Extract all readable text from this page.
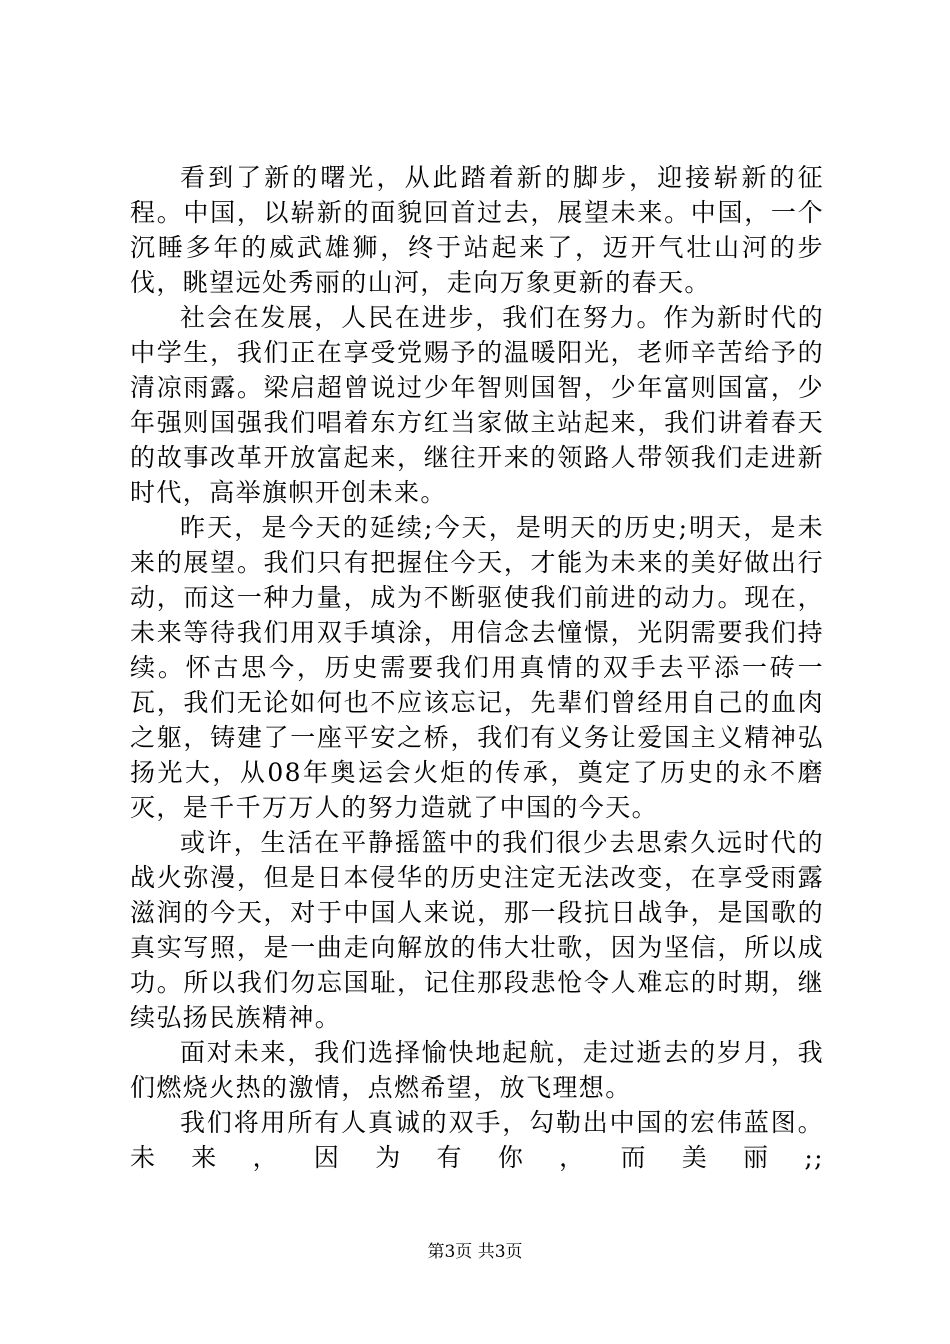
看到了新的曙光，从此踏着新的脚步，迎接崭新的征程。中国，以崭新的面貌回首过去，展望未来。中国，一个沉睡多年的威武雄狮，终于站起来了，迈开气壮山河的步伐，眺望远处秀丽的山河，走向万象更新的春天。

社会在发展，人民在进步，我们在努力。作为新时代的中学生，我们正在享受党赐予的温暖阳光，老师辛苦给予的清凉雨露。梁启超曾说过少年智则国智，少年富则国富，少年强则国强我们唱着东方红当家做主站起来，我们讲着春天的故事改革开放富起来，继往开来的领路人带领我们走进新时代，高举旗帜开创未来。

昨天，是今天的延续;今天，是明天的历史;明天，是未来的展望。我们只有把握住今天，才能为未来的美好做出行动，而这一种力量，成为不断驱使我们前进的动力。现在，未来等待我们用双手填涂，用信念去憧憬，光阴需要我们持续。怀古思今，历史需要我们用真情的双手去平添一砖一瓦，我们无论如何也不应该忘记，先辈们曾经用自己的血肉之躯，铸建了一座平安之桥，我们有义务让爱国主义精神弘扬光大，从08年奥运会火炬的传承，奠定了历史的永不磨灭，是千千万万人的努力造就了中国的今天。

或许，生活在平静摇篮中的我们很少去思索久远时代的战火弥漫，但是日本侵华的历史注定无法改变，在享受雨露滋润的今天，对于中国人来说，那一段抗日战争，是国歌的真实写照，是一曲走向解放的伟大壮歌，因为坚信，所以成功。所以我们勿忘国耻，记住那段悲怆令人难忘的时期，继续弘扬民族精神。

面对未来，我们选择愉快地起航，走过逝去的岁月，我们燃烧火热的激情，点燃希望，放飞理想。

我们将用所有人真诚的双手，勾勒出中国的宏伟蓝图。未来，因为有你，而美丽;;

第3页 共3页
